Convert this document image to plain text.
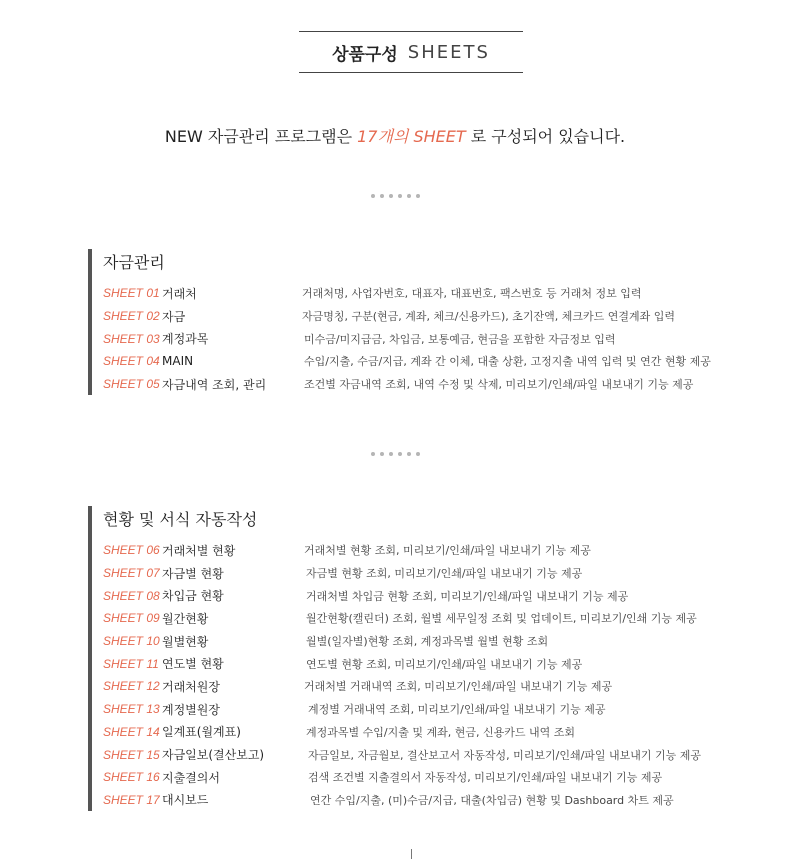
상품구성 SHEETS
NEW 자금관리 프로그램은 17개의 SHEET 로 구성되어 있습니다.
자금관리
SHEET 01 거래처	거래처명, 사업자번호, 대표자, 대표번호, 팩스번호 등 거래처 정보 입력
SHEET 02 자금	자금명칭, 구분(현금, 계좌, 체크/신용카드), 초기잔액, 체크카드 연결계좌 입력
SHEET 03 계정과목	미수금/미지급금, 차입금, 보통예금, 현금을 포함한 자금정보 입력
SHEET 04 MAIN	수입/지출, 수금/지급, 계좌 간 이체, 대출 상환, 고정지출 내역 입력 및 연간 현황 제공
SHEET 05 자금내역 조회, 관리	조건별 자금내역 조회, 내역 수정 및 삭제, 미리보기/인쇄/파일 내보내기 기능 제공
현황 및 서식 자동작성
SHEET 06 거래처별 현황	거래처별 현황 조회, 미리보기/인쇄/파일 내보내기 기능 제공
SHEET 07 자금별 현황	자금별 현황 조회, 미리보기/인쇄/파일 내보내기 기능 제공
SHEET 08 차입금 현황	거래처별 차입금 현황 조회, 미리보기/인쇄/파일 내보내기 기능 제공
SHEET 09 월간현황	월간현황(캘린더) 조회, 월별 세무일정 조회 및 업데이트, 미리보기/인쇄 기능 제공
SHEET 10 월별현황	월별(일자별)현황 조회, 계정과목별 월별 현황 조회
SHEET 11 연도별 현황	연도별 현황 조회, 미리보기/인쇄/파일 내보내기 기능 제공
SHEET 12 거래처원장	거래처별 거래내역 조회, 미리보기/인쇄/파일 내보내기 기능 제공
SHEET 13 계정별원장	계정별 거래내역 조회, 미리보기/인쇄/파일 내보내기 기능 제공
SHEET 14 일계표(월계표)	계정과목별 수입/지출 및 계좌, 현금, 신용카드 내역 조회
SHEET 15 자금일보(결산보고)	자금일보, 자금월보, 결산보고서 자동작성, 미리보기/인쇄/파일 내보내기 기능 제공
SHEET 16 지출결의서	검색 조건별 지출결의서 자동작성, 미리보기/인쇄/파일 내보내기 기능 제공
SHEET 17 대시보드	연간 수입/지출, (미)수금/지급, 대출(차입금) 현황 및 Dashboard 차트 제공
